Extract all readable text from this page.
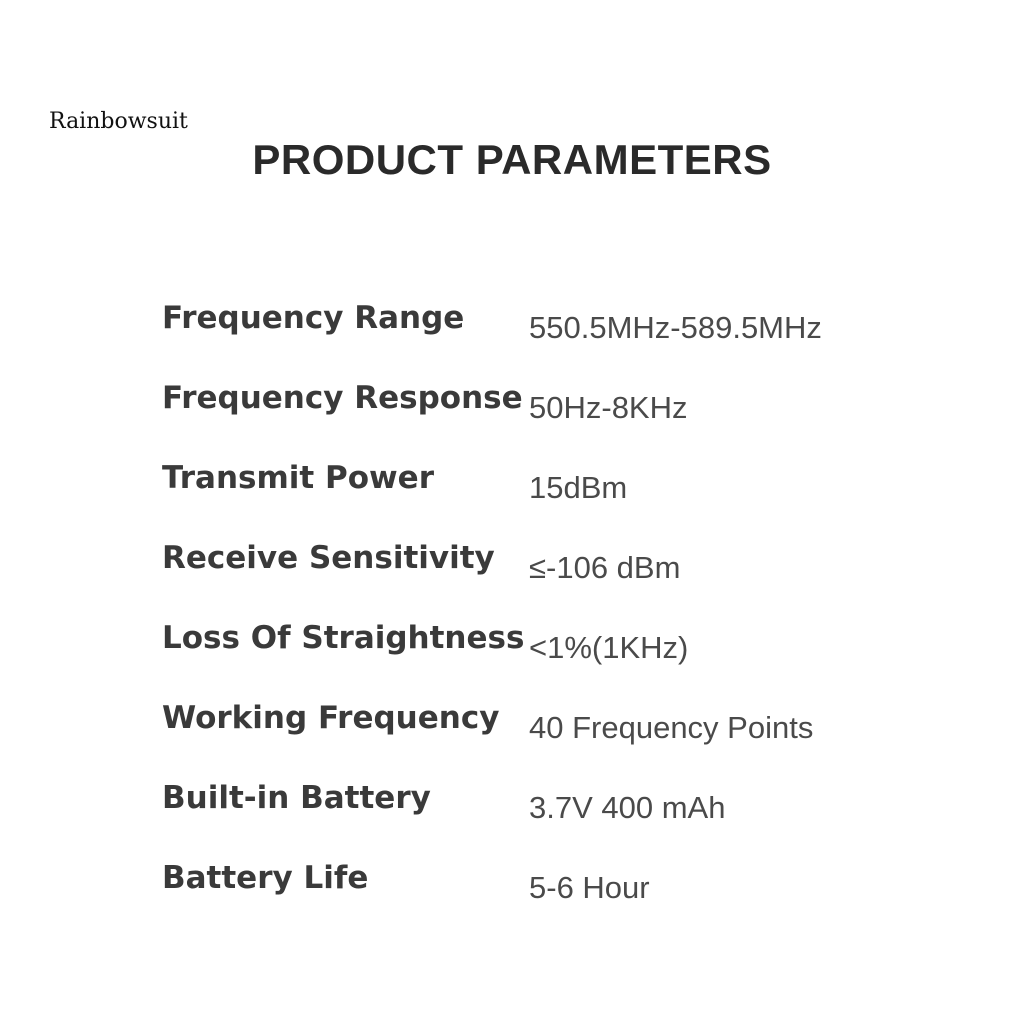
Rainbowsuit
PRODUCT PARAMETERS
Frequency Range	550.5MHz-589.5MHz
Frequency Response 50Hz-8KHz
Transmit Power	15dBm
Receive Sensitivity	≤-106 dBm
Loss Of Straightness <1%(1KHz)
Working Frequency 40 Frequency Points
Built-in Battery	3.7V 400 mAh
Battery Life	5-6 Hour
